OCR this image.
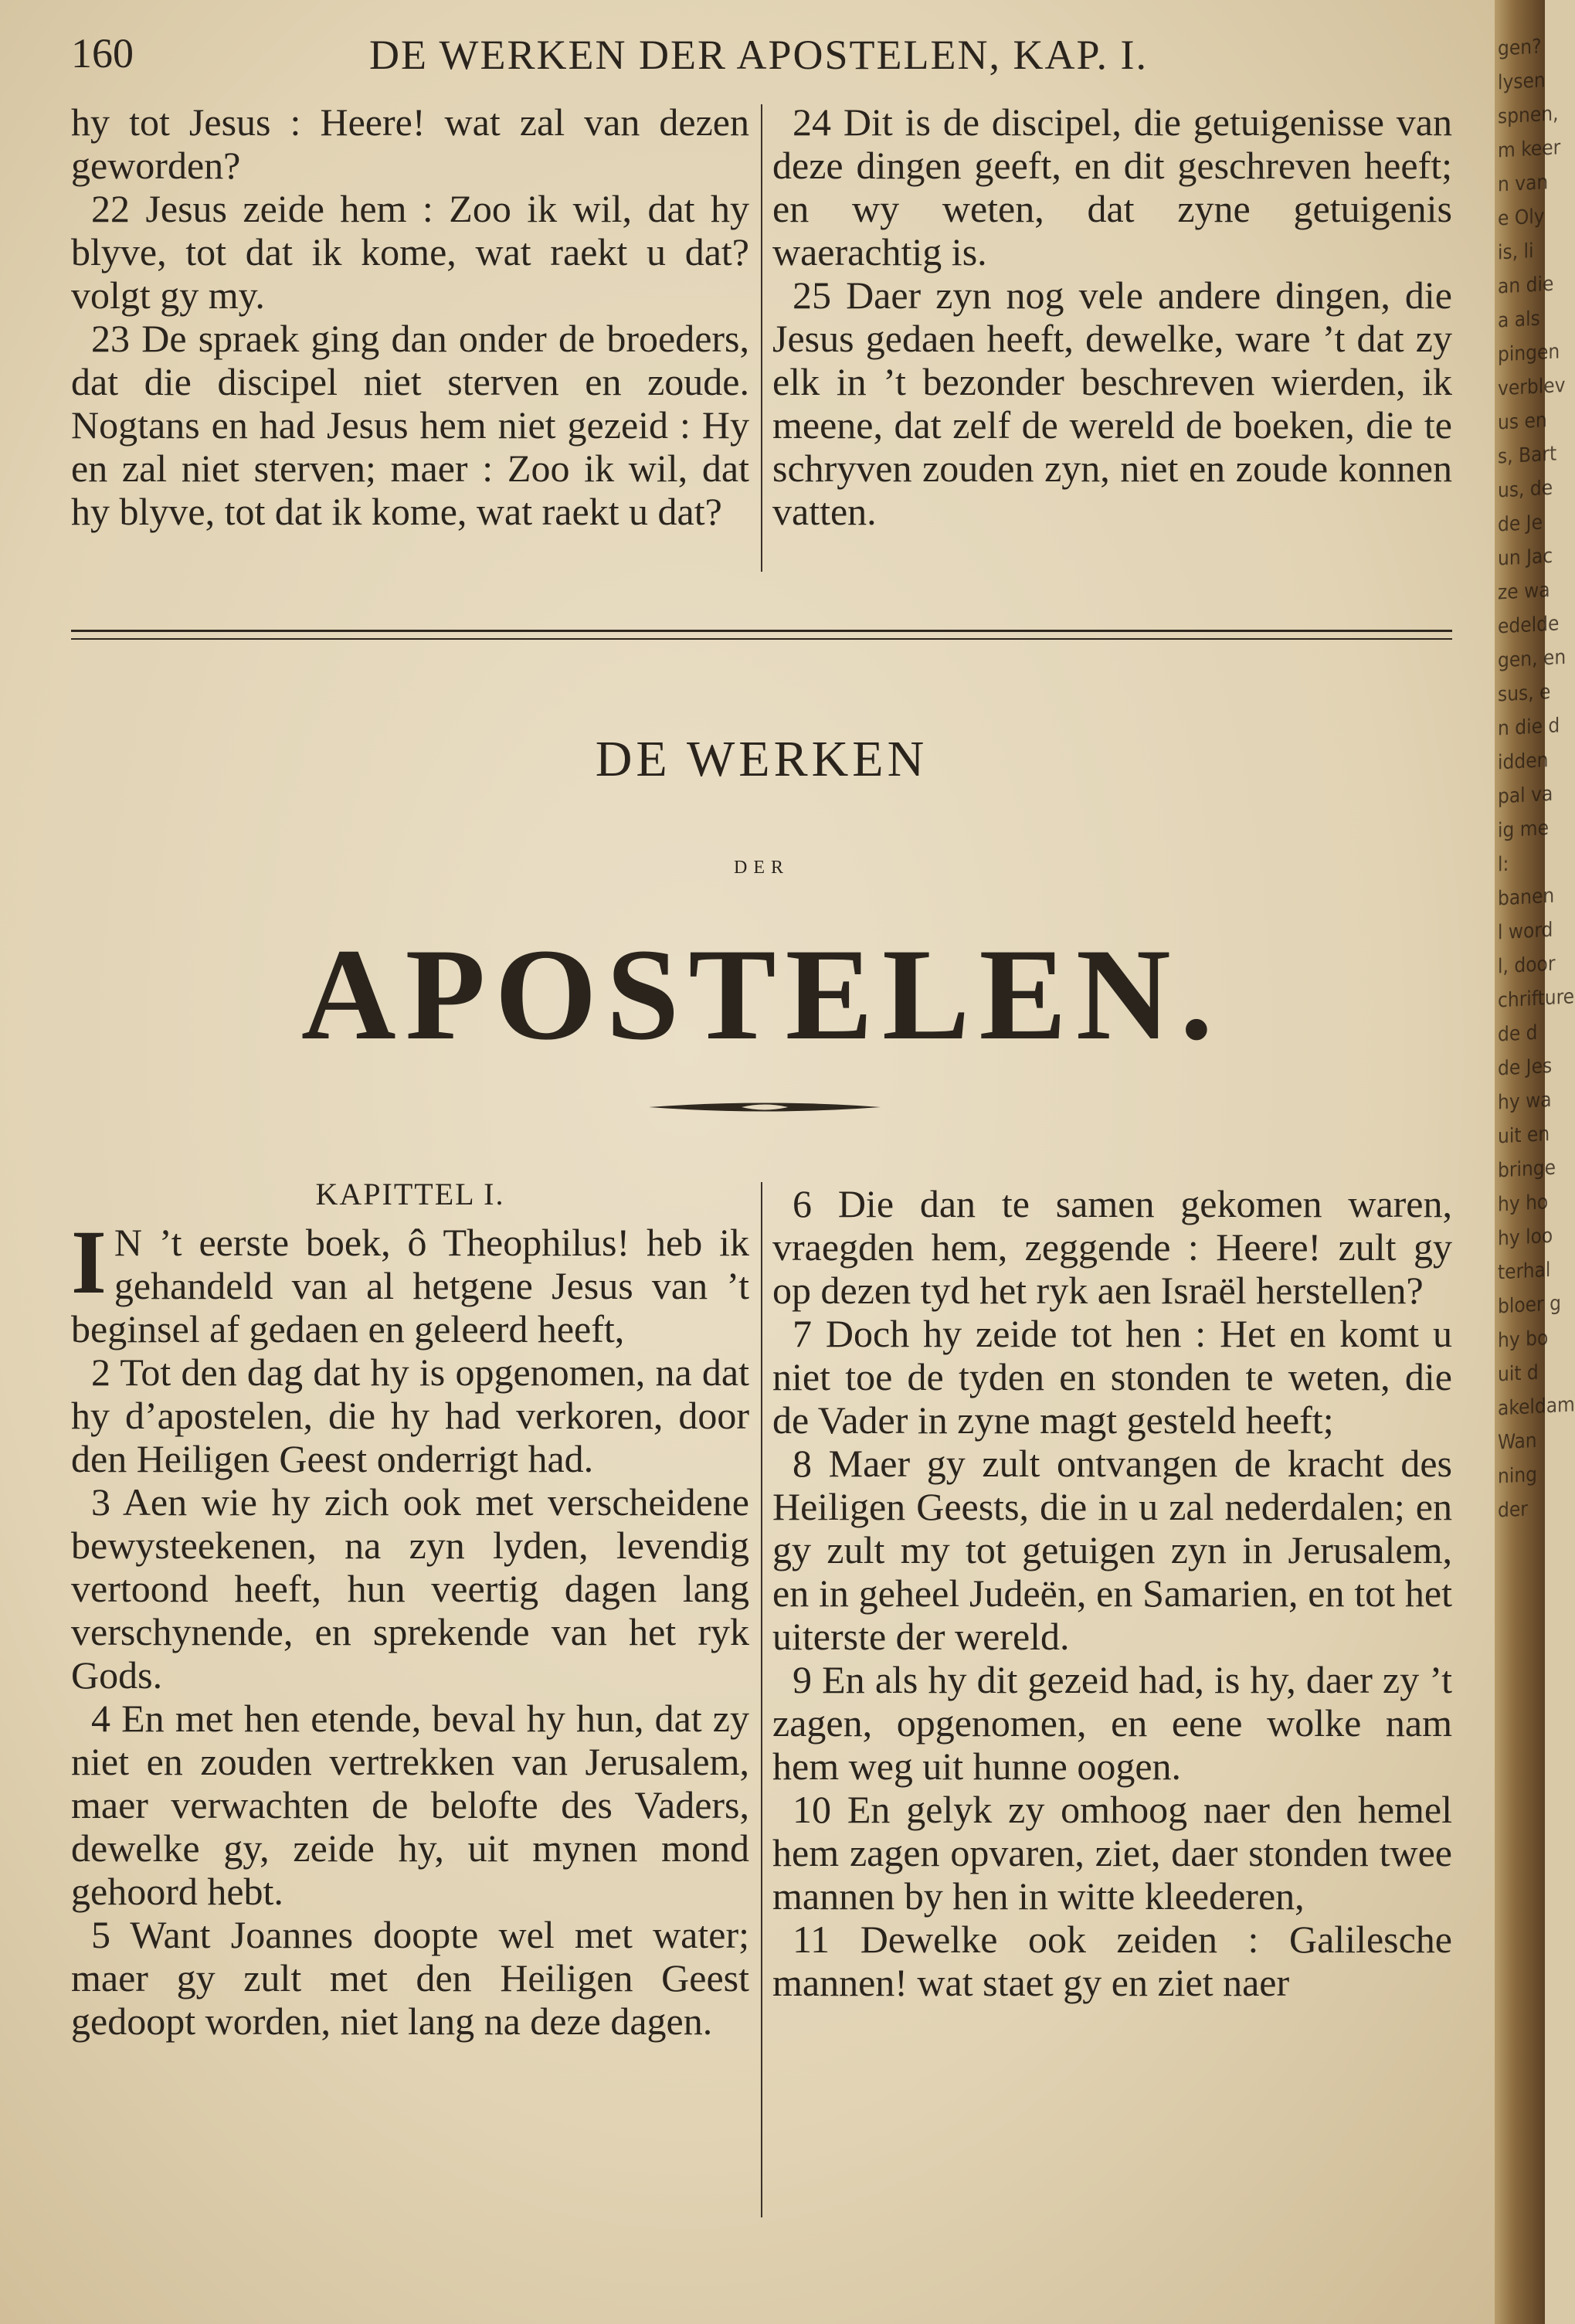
160	DE WERKEN DER APOSTELEN, KAP. I.

hy tot Jesus : Heere! wat zal van dezen geworden?

22 Jesus zeide hem : Zoo ik wil, dat hy blyve, tot dat ik kome, wat raekt u dat? volgt gy my.

23 De spraek ging dan onder de broeders, dat die discipel niet sterven en zoude. Nogtans en had Jesus hem niet gezeid : Hy en zal niet sterven; maer : Zoo ik wil, dat hy blyve, tot dat ik kome, wat raekt u dat?

24 Dit is de discipel, die getuigenisse van deze dingen geeft, en dit geschreven heeft; en wy weten, dat zyne getuigenis waerachtig is.

25 Daer zyn nog vele andere dingen, die Jesus gedaen heeft, dewelke, ware ’t dat zy elk in ’t bezonder beschreven wierden, ik meene, dat zelf de wereld de boeken, die te schryven zouden zyn, niet en zoude konnen vatten.

DE WERKEN
DER
APOSTELEN.
KAPITTEL I.

I N ’t eerste boek, ô Theophilus! heb ik gehandeld van al hetgene Jesus van ’t beginsel af gedaen en geleerd heeft,

2 Tot den dag dat hy is opgenomen, na dat hy d’apostelen, die hy had verkoren, door den Heiligen Geest onderrigt had.

3 Aen wie hy zich ook met verscheidene bewysteekenen, na zyn lyden, levendig vertoond heeft, hun veertig dagen lang verschynende, en sprekende van het ryk Gods.

4 En met hen etende, beval hy hun, dat zy niet en zouden vertrekken van Jerusalem, maer verwachten de belofte des Vaders, dewelke gy, zeide hy, uit mynen mond gehoord hebt.

5 Want Joannes doopte wel met water; maer gy zult met den Heiligen Geest gedoopt worden, niet lang na deze dagen.

6 Die dan te samen gekomen waren, vraegden hem, zeggende : Heere! zult gy op dezen tyd het ryk aen Israël herstellen?

7 Doch hy zeide tot hen : Het en komt u niet toe de tyden en stonden te weten, die de Vader in zyne magt gesteld heeft;

8 Maer gy zult ontvangen de kracht des Heiligen Geests, die in u zal nederdalen; en gy zult my tot getuigen zyn in Jerusalem, en in geheel Judeën, en Samarien, en tot het uiterste der wereld.

9 En als hy dit gezeid had, is hy, daer zy ’t zagen, opgenomen, en eene wolke nam hem weg uit hunne oogen.

10 En gelyk zy omhoog naer den hemel hem zagen opvaren, ziet, daer stonden twee mannen by hen in witte kleederen,

11 Dewelke ook zeiden : Galilesche mannen! wat staet gy en ziet naer

gen?
lysen
spnen,
m keer
n van
e Oly
is, li
an die
a als
pingen
verblev
us en
s, Bart
us, de
de Je
un Jac
ze wa
edelde
gen, en
sus, e
n die d
idden
pal va
ig me
l:
banen
l word
l, door
chrifture
de d
de Jes
hy wa
uit en
bringe
hy ho
hy loo
terhal
bloer g
hy bo
uit d
akeldam
Wan
ning
der
